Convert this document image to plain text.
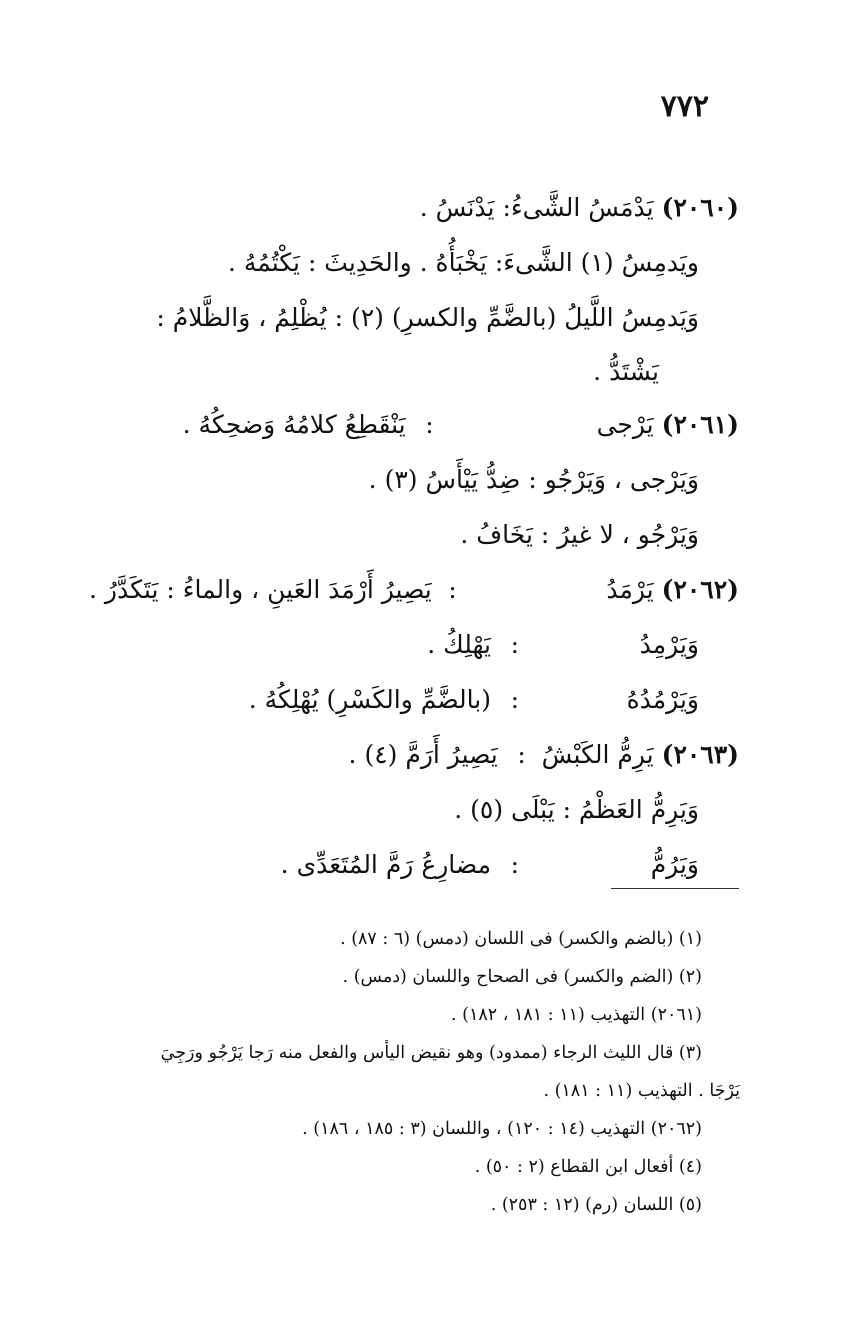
٧٧٢
(٢٠٦٠)

يَدْمَسُ الشَّىءُ: يَدْنَسُ .
ويَدمِسُ (١) الشَّىءَ: يَخْبَأُهُ . والحَدِيثَ : يَكْتُمُهُ .
وَيَدمِسُ اللَّيلُ (بالضَّمِّ والكسرِ) (٢) : يُظْلِمُ ، وَالظَّلامُ :
يَشْتَدُّ .
(٢٠٦١)

يَرْجى
:
يَنْقَطِعُ كلامُهُ وَضحِكُهُ .
وَيَرْجى ، وَيَرْجُو : ضِدُّ يَيْأَسُ (٣) .
وَيَرْجُو ، لا غيرُ : يَخَافُ .
(٢٠٦٢)

يَرْمَدُ
:
يَصِيرُ أَرْمَدَ العَينِ ، والماءُ : يَتَكَدَّرُ .
وَيَرْمِدُ
:
يَهْلِكُ .
وَيَرْمُدُهُ
:
(بالضَّمِّ والكَسْرِ) يُهْلِكُهُ .
(٢٠٦٣)

يَرِمُّ الكَبْشُ

:
يَصِيرُ أَرَمَّ (٤) .
وَيَرِمُّ العَظْمُ : يَبْلَى (٥) .
وَيَرُمُّ
:
مضارِعُ رَمَّ المُتَعَدِّى .
(١) (بالضم والكسر) فى اللسان (دمس) (٦ : ٨٧) .
(٢) (الضم والكسر) فى الصحاح واللسان (دمس) .
(٢٠٦١) التهذيب (١١ : ١٨١ ، ١٨٢) .
(٣) قال الليث الرجاء (ممدود) وهو نقيض اليأس والفعل منه رَجا يَرْجُو ورَجِيَ
يَرْجَا . التهذيب (١١ : ١٨١) .
(٢٠٦٢) التهذيب (١٤ : ١٢٠) ، واللسان (٣ : ١٨٥ ، ١٨٦) .
(٤) أفعال ابن القطاع (٢ : ٥٠) .
(٥) اللسان (رم) (١٢ : ٢٥٣) .
